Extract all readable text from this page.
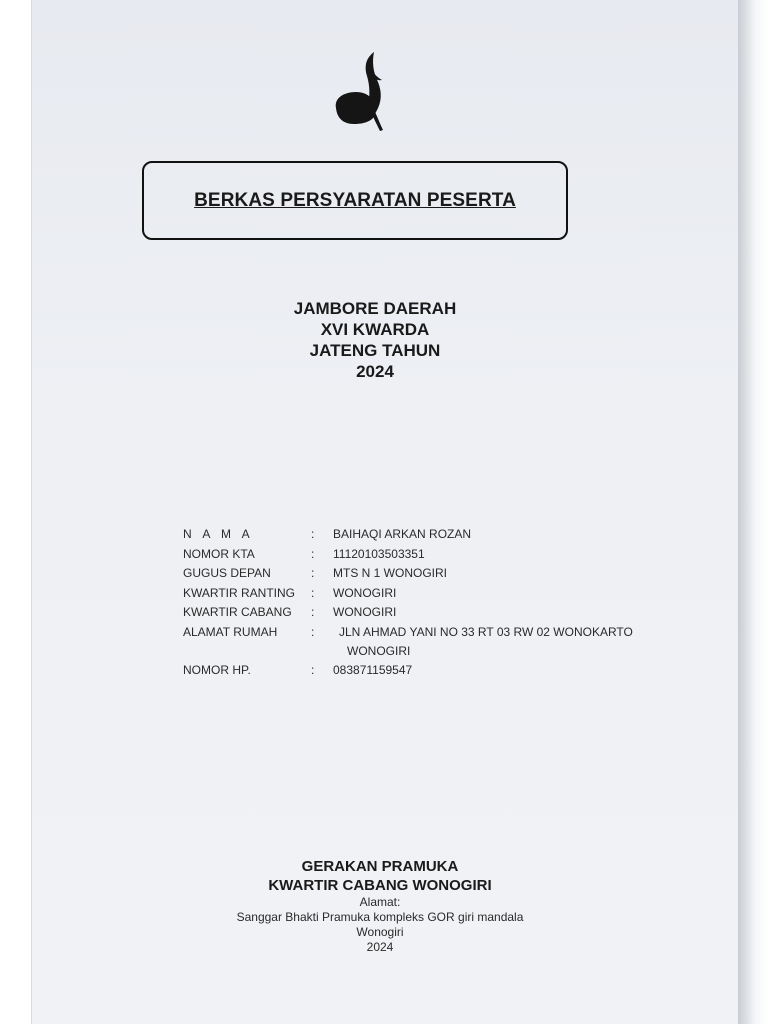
BERKAS PERSYARATAN PESERTA
JAMBORE DAERAH
XVI KWARDA
JATENG TAHUN
2024
N A M A	:	BAIHAQI ARKAN ROZAN
NOMOR KTA	:	11120103503351
GUGUS DEPAN	:	MTS N 1 WONOGIRI
KWARTIR RANTING	:	WONOGIRI
KWARTIR CABANG	:	WONOGIRI
ALAMAT RUMAH	:	JLN AHMAD YANI NO 33 RT 03 RW 02 WONOKARTO
WONOGIRI
NOMOR HP.	:	083871159547
GERAKAN PRAMUKA
KWARTIR CABANG WONOGIRI
Alamat:
Sanggar Bhakti Pramuka kompleks GOR giri mandala
Wonogiri
2024
